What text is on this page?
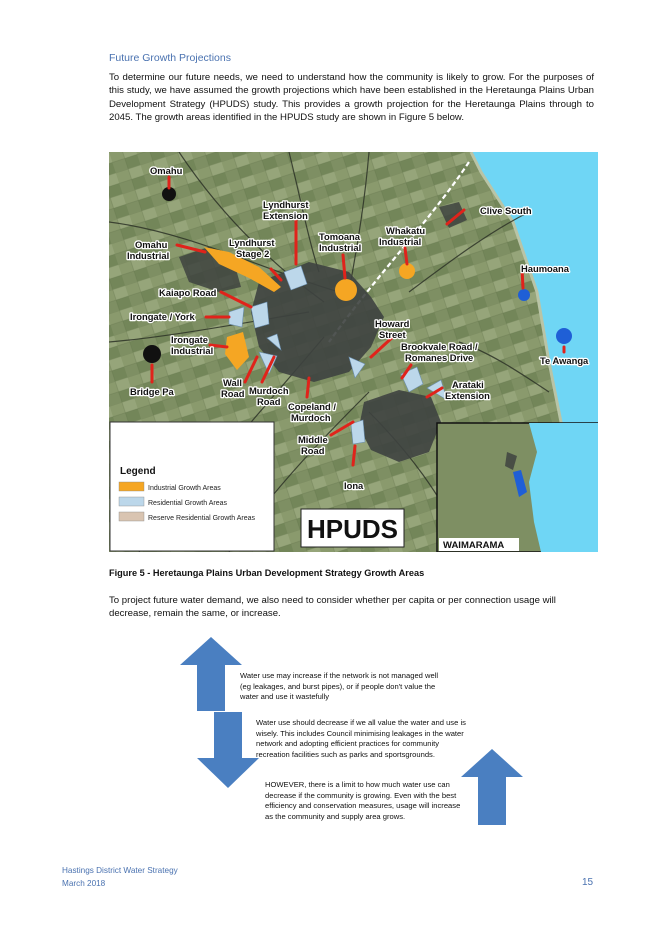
Future Growth Projections
To determine our future needs, we need to understand how the community is likely to grow. For the purposes of this study, we have assumed the growth projections which have been established in the Heretaunga Plains Urban Development Strategy (HPUDS) study. This provides a growth projection for the Heretaunga Plains through to 2045. The growth areas identified in the HPUDS study are shown in Figure 5 below.
Omahu
Lyndhurst
Extension	Clive South
Whakatu
Industrial
Tomoana
Industrial
Lyndhurst
Stage 2
Omahu
Industrial
Haumoana
Kaiapo Road
Irongate / York
Irongate
Industrial
Howard
Street
Brookvale Road /
Romanes Drive	Te Awanga
Bridge Pa
Wall
Road Murdoch
Road Copeland /
Murdoch
Arataki
Extension
Middle
Road
Iona
Legend
Industrial Growth Areas
Residential Growth Areas
Reserve Residential Growth Areas HPUDS
WAIMARAMA
Figure 5 - Heretaunga Plains Urban Development Strategy Growth Areas
To project future water demand, we also need to consider whether per capita or per connection usage will decrease, remain the same, or increase.
Water use may increase if the network is not managed well (eg leakages, and burst pipes), or if people don't value the water and use it wastefully
Water use should decrease if we all value the water and use is wisely. This includes Council minimising leakages in the water network and adopting efficient practices for community recreation facilities such as parks and sportsgrounds.
HOWEVER, there is a limit to how much water use can decrease if the community is growing. Even with the best efficiency and conservation measures, usage will increase as the community and supply area grows.
Hastings District Water Strategy
March 2018	15
